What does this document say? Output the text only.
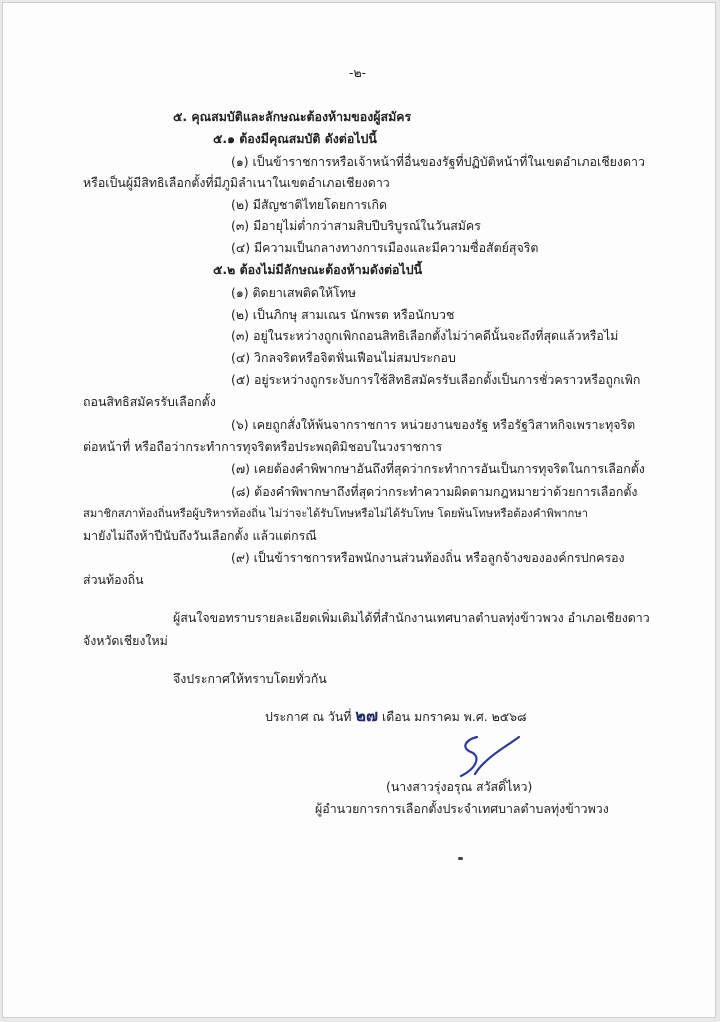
-๒-
๕. คุณสมบัติและลักษณะต้องห้ามของผู้สมัคร
๕.๑ ต้องมีคุณสมบัติ ดังต่อไปนี้
(๑) เป็นข้าราชการหรือเจ้าหน้าที่อื่นของรัฐที่ปฏิบัติหน้าที่ในเขตอำเภอเชียงดาว
หรือเป็นผู้มีสิทธิเลือกตั้งที่มีภูมิลำเนาในเขตอำเภอเชียงดาว
(๒) มีสัญชาติไทยโดยการเกิด
(๓) มีอายุไม่ต่ำกว่าสามสิบปีบริบูรณ์ในวันสมัคร
(๔) มีความเป็นกลางทางการเมืองและมีความซื่อสัตย์สุจริต
๕.๒ ต้องไม่มีลักษณะต้องห้ามดังต่อไปนี้
(๑) ติดยาเสพติดให้โทษ
(๒) เป็นภิกษุ สามเณร นักพรต หรือนักบวช
(๓) อยู่ในระหว่างถูกเพิกถอนสิทธิเลือกตั้งไม่ว่าคดีนั้นจะถึงที่สุดแล้วหรือไม่
(๔) วิกลจริตหรือจิตฟั่นเฟือนไม่สมประกอบ
(๕) อยู่ระหว่างถูกระงับการใช้สิทธิสมัครรับเลือกตั้งเป็นการชั่วคราวหรือถูกเพิก
ถอนสิทธิสมัครรับเลือกตั้ง
(๖) เคยถูกสั่งให้พ้นจากราชการ หน่วยงานของรัฐ หรือรัฐวิสาหกิจเพราะทุจริต
ต่อหน้าที่ หรือถือว่ากระทำการทุจริตหรือประพฤติมิชอบในวงราชการ
(๗) เคยต้องคำพิพากษาอันถึงที่สุดว่ากระทำการอันเป็นการทุจริตในการเลือกตั้ง
(๘) ต้องคำพิพากษาถึงที่สุดว่ากระทำความผิดตามกฎหมายว่าด้วยการเลือกตั้ง
สมาชิกสภาท้องถิ่นหรือผู้บริหารท้องถิ่น ไม่ว่าจะได้รับโทษหรือไม่ได้รับโทษ โดยพ้นโทษหรือต้องคำพิพากษา
มายังไม่ถึงห้าปีนับถึงวันเลือกตั้ง แล้วแต่กรณี
(๙) เป็นข้าราชการหรือพนักงานส่วนท้องถิ่น หรือลูกจ้างขององค์กรปกครอง
ส่วนท้องถิ่น
ผู้สนใจขอทราบรายละเอียดเพิ่มเติมได้ที่สำนักงานเทศบาลตำบลทุ่งข้าวพวง อำเภอเชียงดาว
จังหวัดเชียงใหม่
จึงประกาศให้ทราบโดยทั่วกัน
ประกาศ ณ วันที่ ๒๗ เดือน มกราคม พ.ศ. ๒๕๖๘
(นางสาวรุ่งอรุณ สวัสดิ์ไหว)
ผู้อำนวยการการเลือกตั้งประจำเทศบาลตำบลทุ่งข้าวพวง
